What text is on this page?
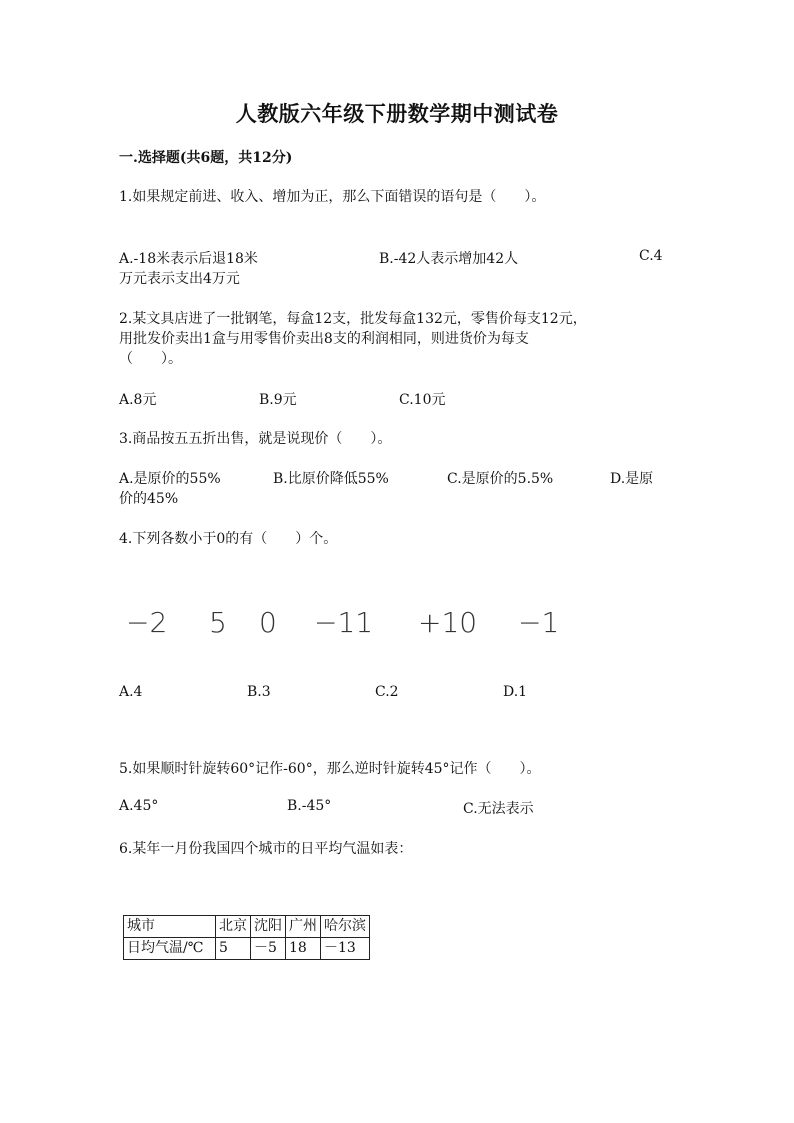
人教版六年级下册数学期中测试卷
一.选择题(共6题，共12分)
1.如果规定前进、收入、增加为正，那么下面错误的语句是（　　）。
A.-18米表示后退18米	B.-42人表示增加42人	C.4
万元表示支出4万元
2.某文具店进了一批钢笔，每盒12支，批发每盒132元，零售价每支12元，
用批发价卖出1盒与用零售价卖出8支的利润相同，则进货价为每支
（　　）。
A.8元	B.9元	C.10元
3.商品按五五折出售，就是说现价（　　）。
A.是原价的55%	B.比原价降低55%	C.是原价的5.5%	D.是原
价的45%
4.下列各数小于0的有（　　）个。
−2 5 0 −11 +10 −1
A.4	B.3	C.2	D.1
5.如果顺时针旋转60°记作-60°，那么逆时针旋转45°记作（　　）。
A.45°	B.-45°	C.无法表示
6.某年一月份我国四个城市的日平均气温如表：
城市	北京	沈阳	广州	哈尔滨
日均气温/℃	5	－5	18	－13
